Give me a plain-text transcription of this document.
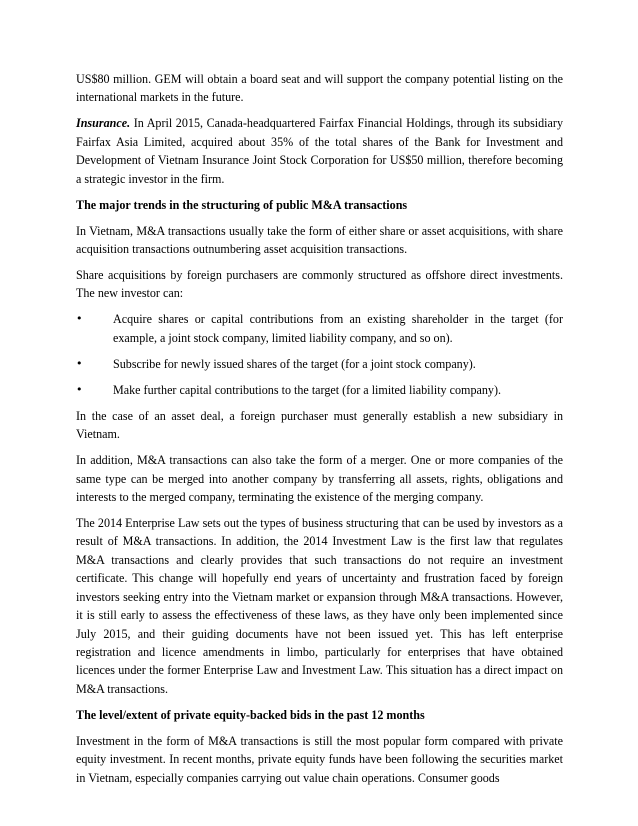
US$80 million. GEM will obtain a board seat and will support the company potential listing on the international markets in the future.

Insurance. In April 2015, Canada-headquartered Fairfax Financial Holdings, through its subsidiary Fairfax Asia Limited, acquired about 35% of the total shares of the Bank for Investment and Development of Vietnam Insurance Joint Stock Corporation for US$50 million, therefore becoming a strategic investor in the firm.

The major trends in the structuring of public M&A transactions

In Vietnam, M&A transactions usually take the form of either share or asset acquisitions, with share acquisition transactions outnumbering asset acquisition transactions.

Share acquisitions by foreign purchasers are commonly structured as offshore direct investments. The new investor can:

•	Acquire shares or capital contributions from an existing shareholder in the target (for example, a joint stock company, limited liability company, and so on).
•	Subscribe for newly issued shares of the target (for a joint stock company).
•	Make further capital contributions to the target (for a limited liability company).

In the case of an asset deal, a foreign purchaser must generally establish a new subsidiary in Vietnam.

In addition, M&A transactions can also take the form of a merger. One or more companies of the same type can be merged into another company by transferring all assets, rights, obligations and interests to the merged company, terminating the existence of the merging company.

The 2014 Enterprise Law sets out the types of business structuring that can be used by investors as a result of M&A transactions. In addition, the 2014 Investment Law is the first law that regulates M&A transactions and clearly provides that such transactions do not require an investment certificate. This change will hopefully end years of uncertainty and frustration faced by foreign investors seeking entry into the Vietnam market or expansion through M&A transactions. However, it is still early to assess the effectiveness of these laws, as they have only been implemented since July 2015, and their guiding documents have not been issued yet. This has left enterprise registration and licence amendments in limbo, particularly for enterprises that have obtained licences under the former Enterprise Law and Investment Law. This situation has a direct impact on M&A transactions.

The level/extent of private equity-backed bids in the past 12 months

Investment in the form of M&A transactions is still the most popular form compared with private equity investment. In recent months, private equity funds have been following the securities market in Vietnam, especially companies carrying out value chain operations. Consumer goods
